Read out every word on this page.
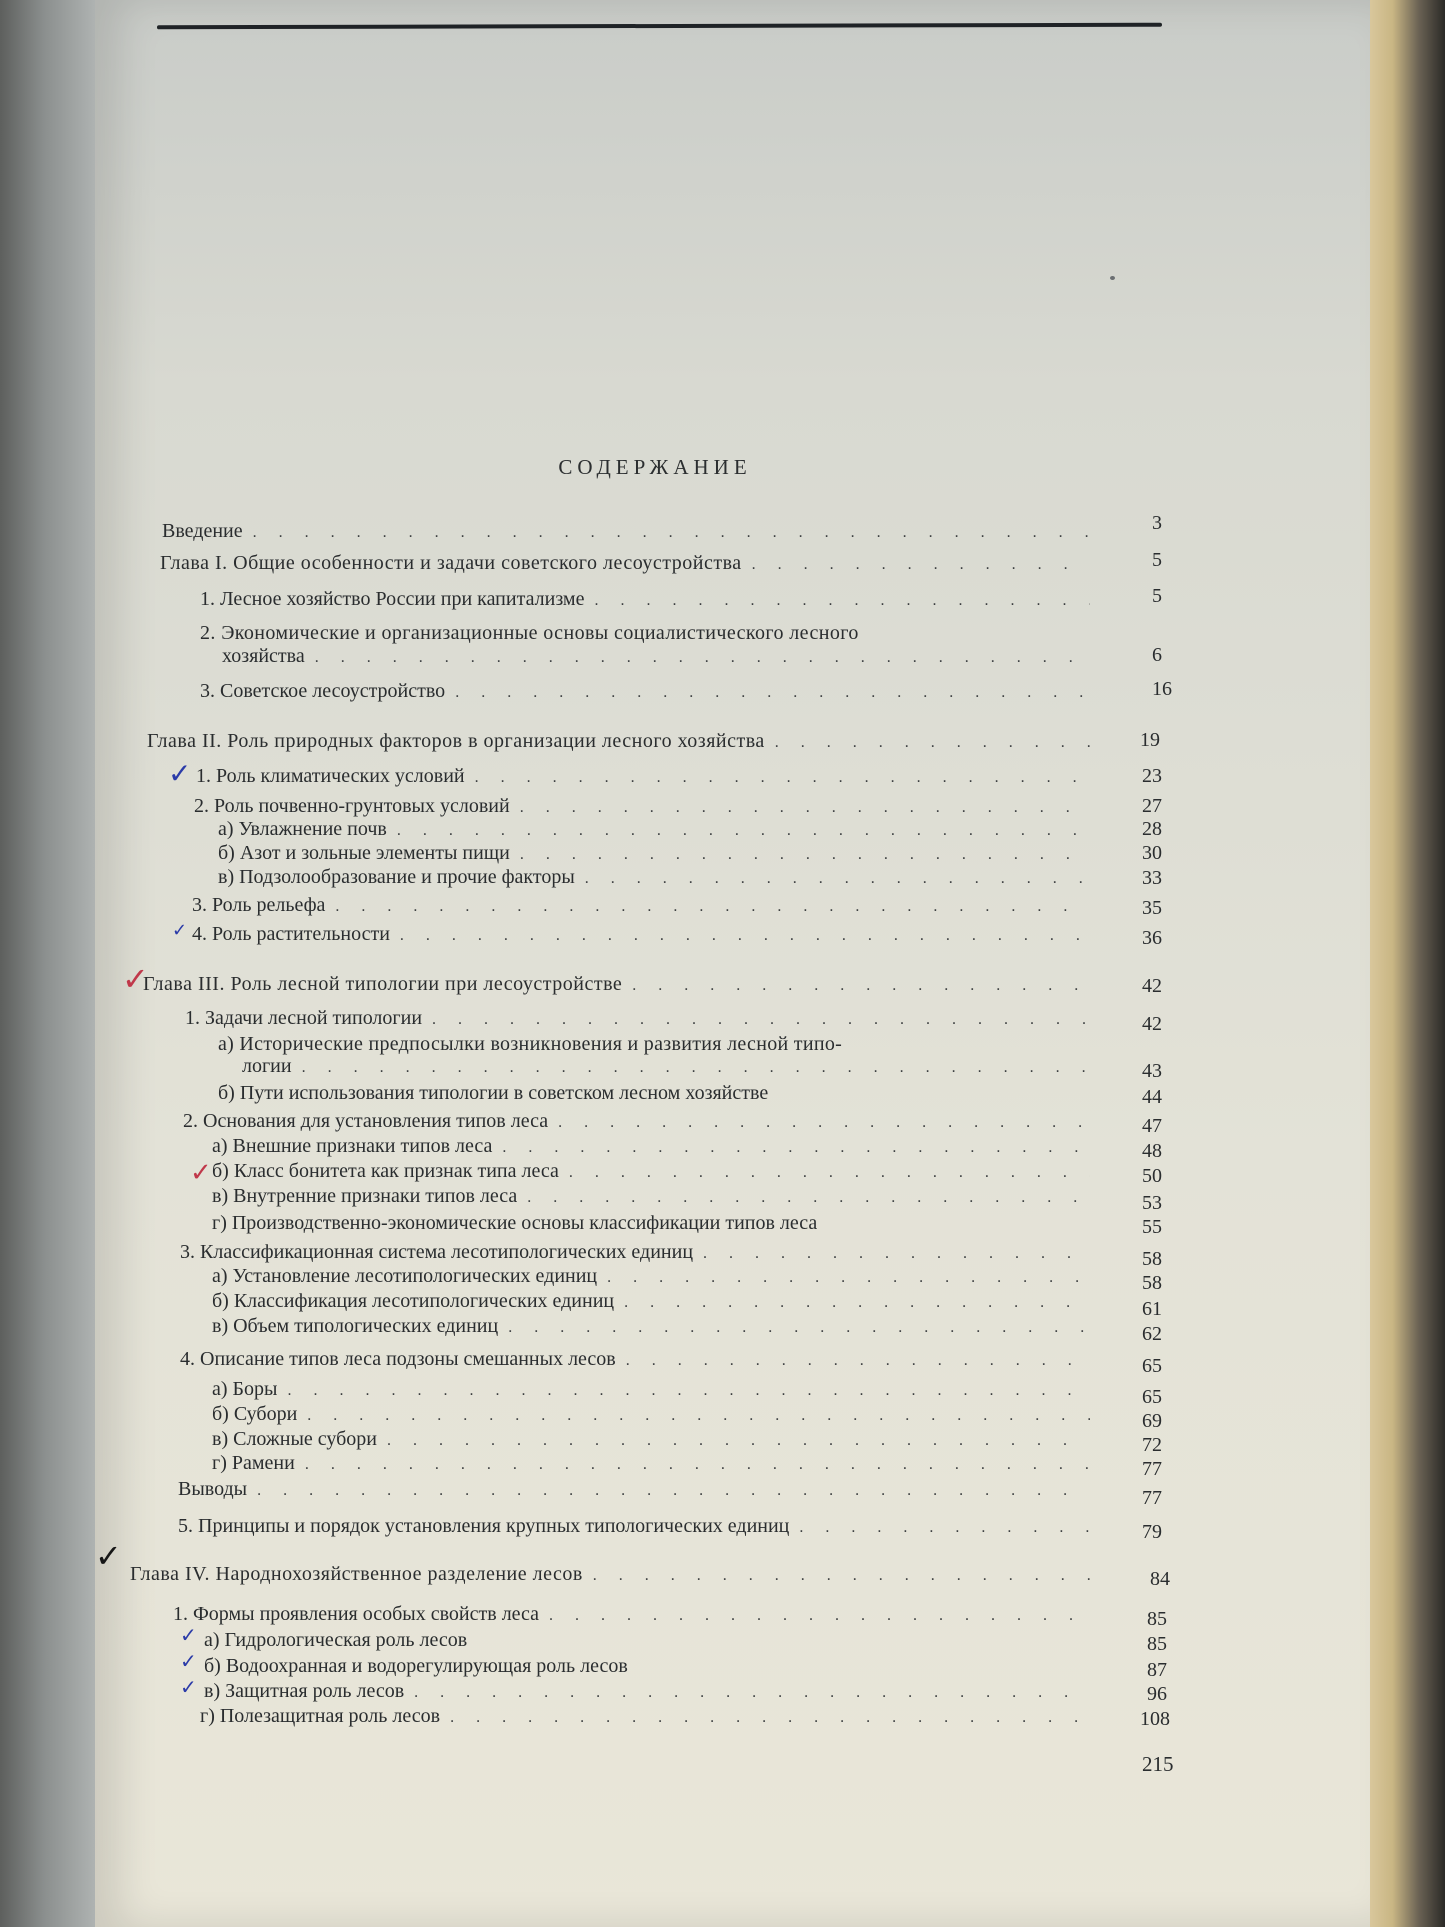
СОДЕРЖАНИЕ
Введение . . .	3
Глава I. Общие особенности и задачи советского лесоустройства . . .	5
1. Лесное хозяйство России при капитализме . . .	5
2. Экономические и организационные основы социалистического лесного
хозяйства . . .	6
3. Советское лесоустройство . . .	16
Глава II. Роль природных факторов в организации лесного хозяйства . . .	19
1. Роль климатических условий . . .	23
2. Роль почвенно-грунтовых условий . . .	27
а) Увлажнение почв . . .	28
б) Азот и зольные элементы пищи . . .	30
в) Подзолообразование и прочие факторы . . .	33
3. Роль рельефа . . .	35
4. Роль растительности . . .	36
Глава III. Роль лесной типологии при лесоустройстве . . .	42
1. Задачи лесной типологии . . .	42
а) Исторические предпосылки возникновения и развития лесной типо-
логии . . .	43
б) Пути использования типологии в советском лесном хозяйстве	44
2. Основания для установления типов леса . . .	47
а) Внешние признаки типов леса . . .	48
б) Класс бонитета как признак типа леса . . .	50
в) Внутренние признаки типов леса . . .	53
г) Производственно-экономические основы классификации типов леса	55
3. Классификационная система лесотипологических единиц . . .	58
а) Установление лесотипологических единиц . . .	58
б) Классификация лесотипологических единиц . . .	61
в) Объем типологических единиц . . .	62
4. Описание типов леса подзоны смешанных лесов . . .	65
а) Боры . . .	65
б) Субори . . .	69
в) Сложные субори . . .	72
г) Рамени . . .	77
Выводы . . .	77
5. Принципы и порядок установления крупных типологических единиц . . .	79
Глава IV. Народнохозяйственное разделение лесов . . .	84
1. Формы проявления особых свойств леса . . .	85
а) Гидрологическая роль лесов	85
б) Водоохранная и водорегулирующая роль лесов	87
в) Защитная роль лесов . . .	96
г) Полезащитная роль лесов . . .	108
215
✓
✓
✓
✓
✓
✓
✓
✓
